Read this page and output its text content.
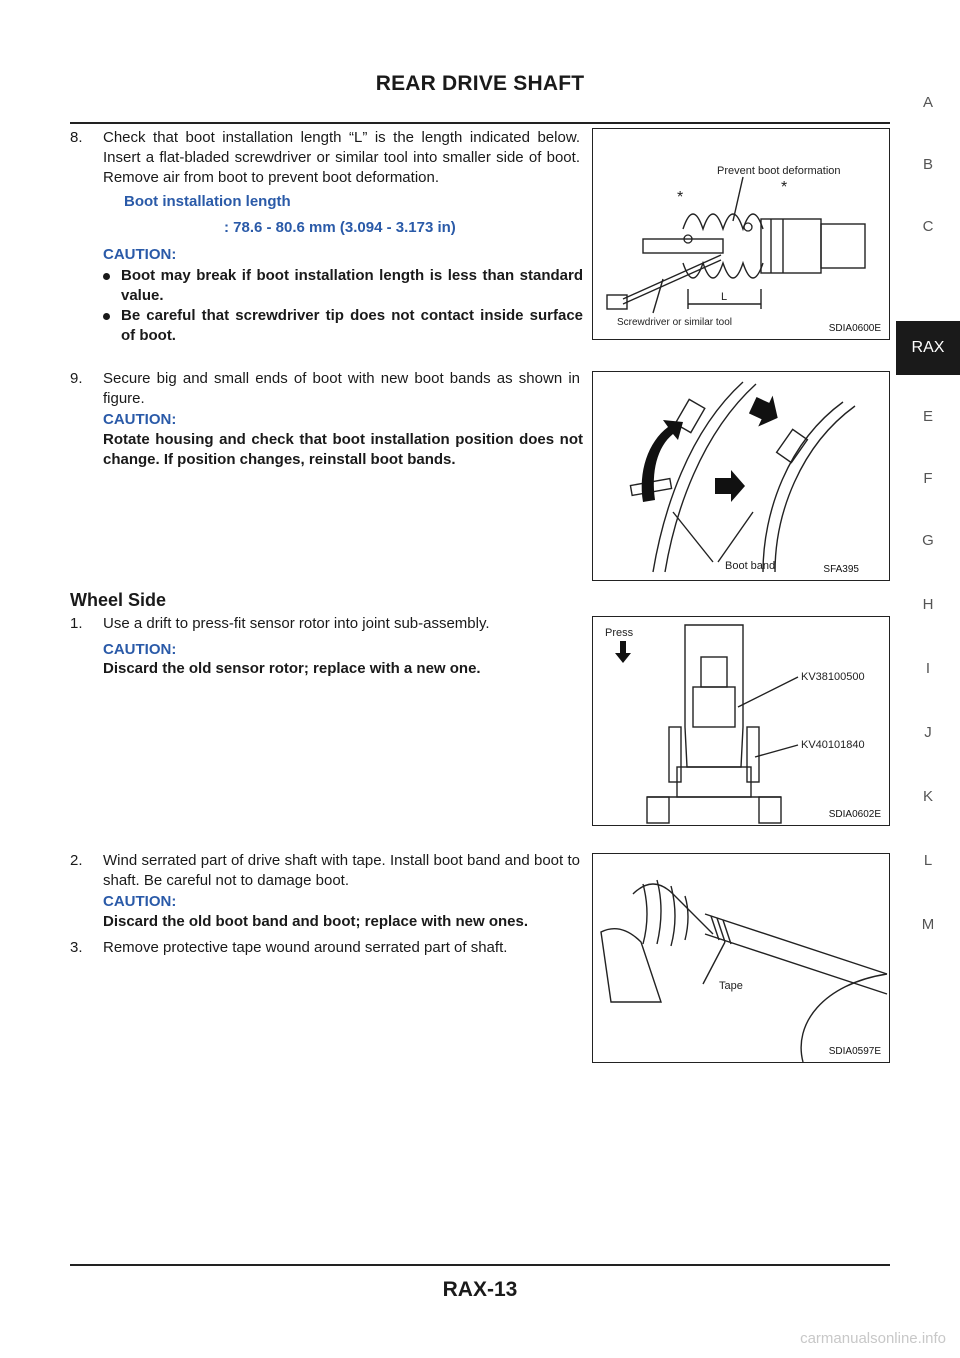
REAR DRIVE SHAFT
A
B
C
RAX
E
F
G
H
I
J
K
L
M
8. Check that boot installation length “L” is the length indicated below. Insert a flat-bladed screwdriver or similar tool into smaller side of boot. Remove air from boot to prevent boot deformation.
Boot installation length
: 78.6 - 80.6 mm (3.094 - 3.173 in)
CAUTION:
Boot may break if boot installation length is less than standard value.
Be careful that screwdriver tip does not contact inside surface of boot.
9. Secure big and small ends of boot with new boot bands as shown in figure.
CAUTION:
Rotate housing and check that boot installation position does not change. If position changes, reinstall boot bands.
Wheel Side
1. Use a drift to press-fit sensor rotor into joint sub-assembly.
CAUTION:
Discard the old sensor rotor; replace with a new one.
2. Wind serrated part of drive shaft with tape. Install boot band and boot to shaft. Be careful not to damage boot.
CAUTION:
Discard the old boot band and boot; replace with new ones.
3. Remove protective tape wound around serrated part of shaft.
Prevent boot deformation
*
*
L
Screwdriver or similar tool
SDIA0600E
Boot band	SFA395
Press
KV38100500
KV40101840
SDIA0602E
Tape
SDIA0597E
RAX-13
carmanualsonline.info
